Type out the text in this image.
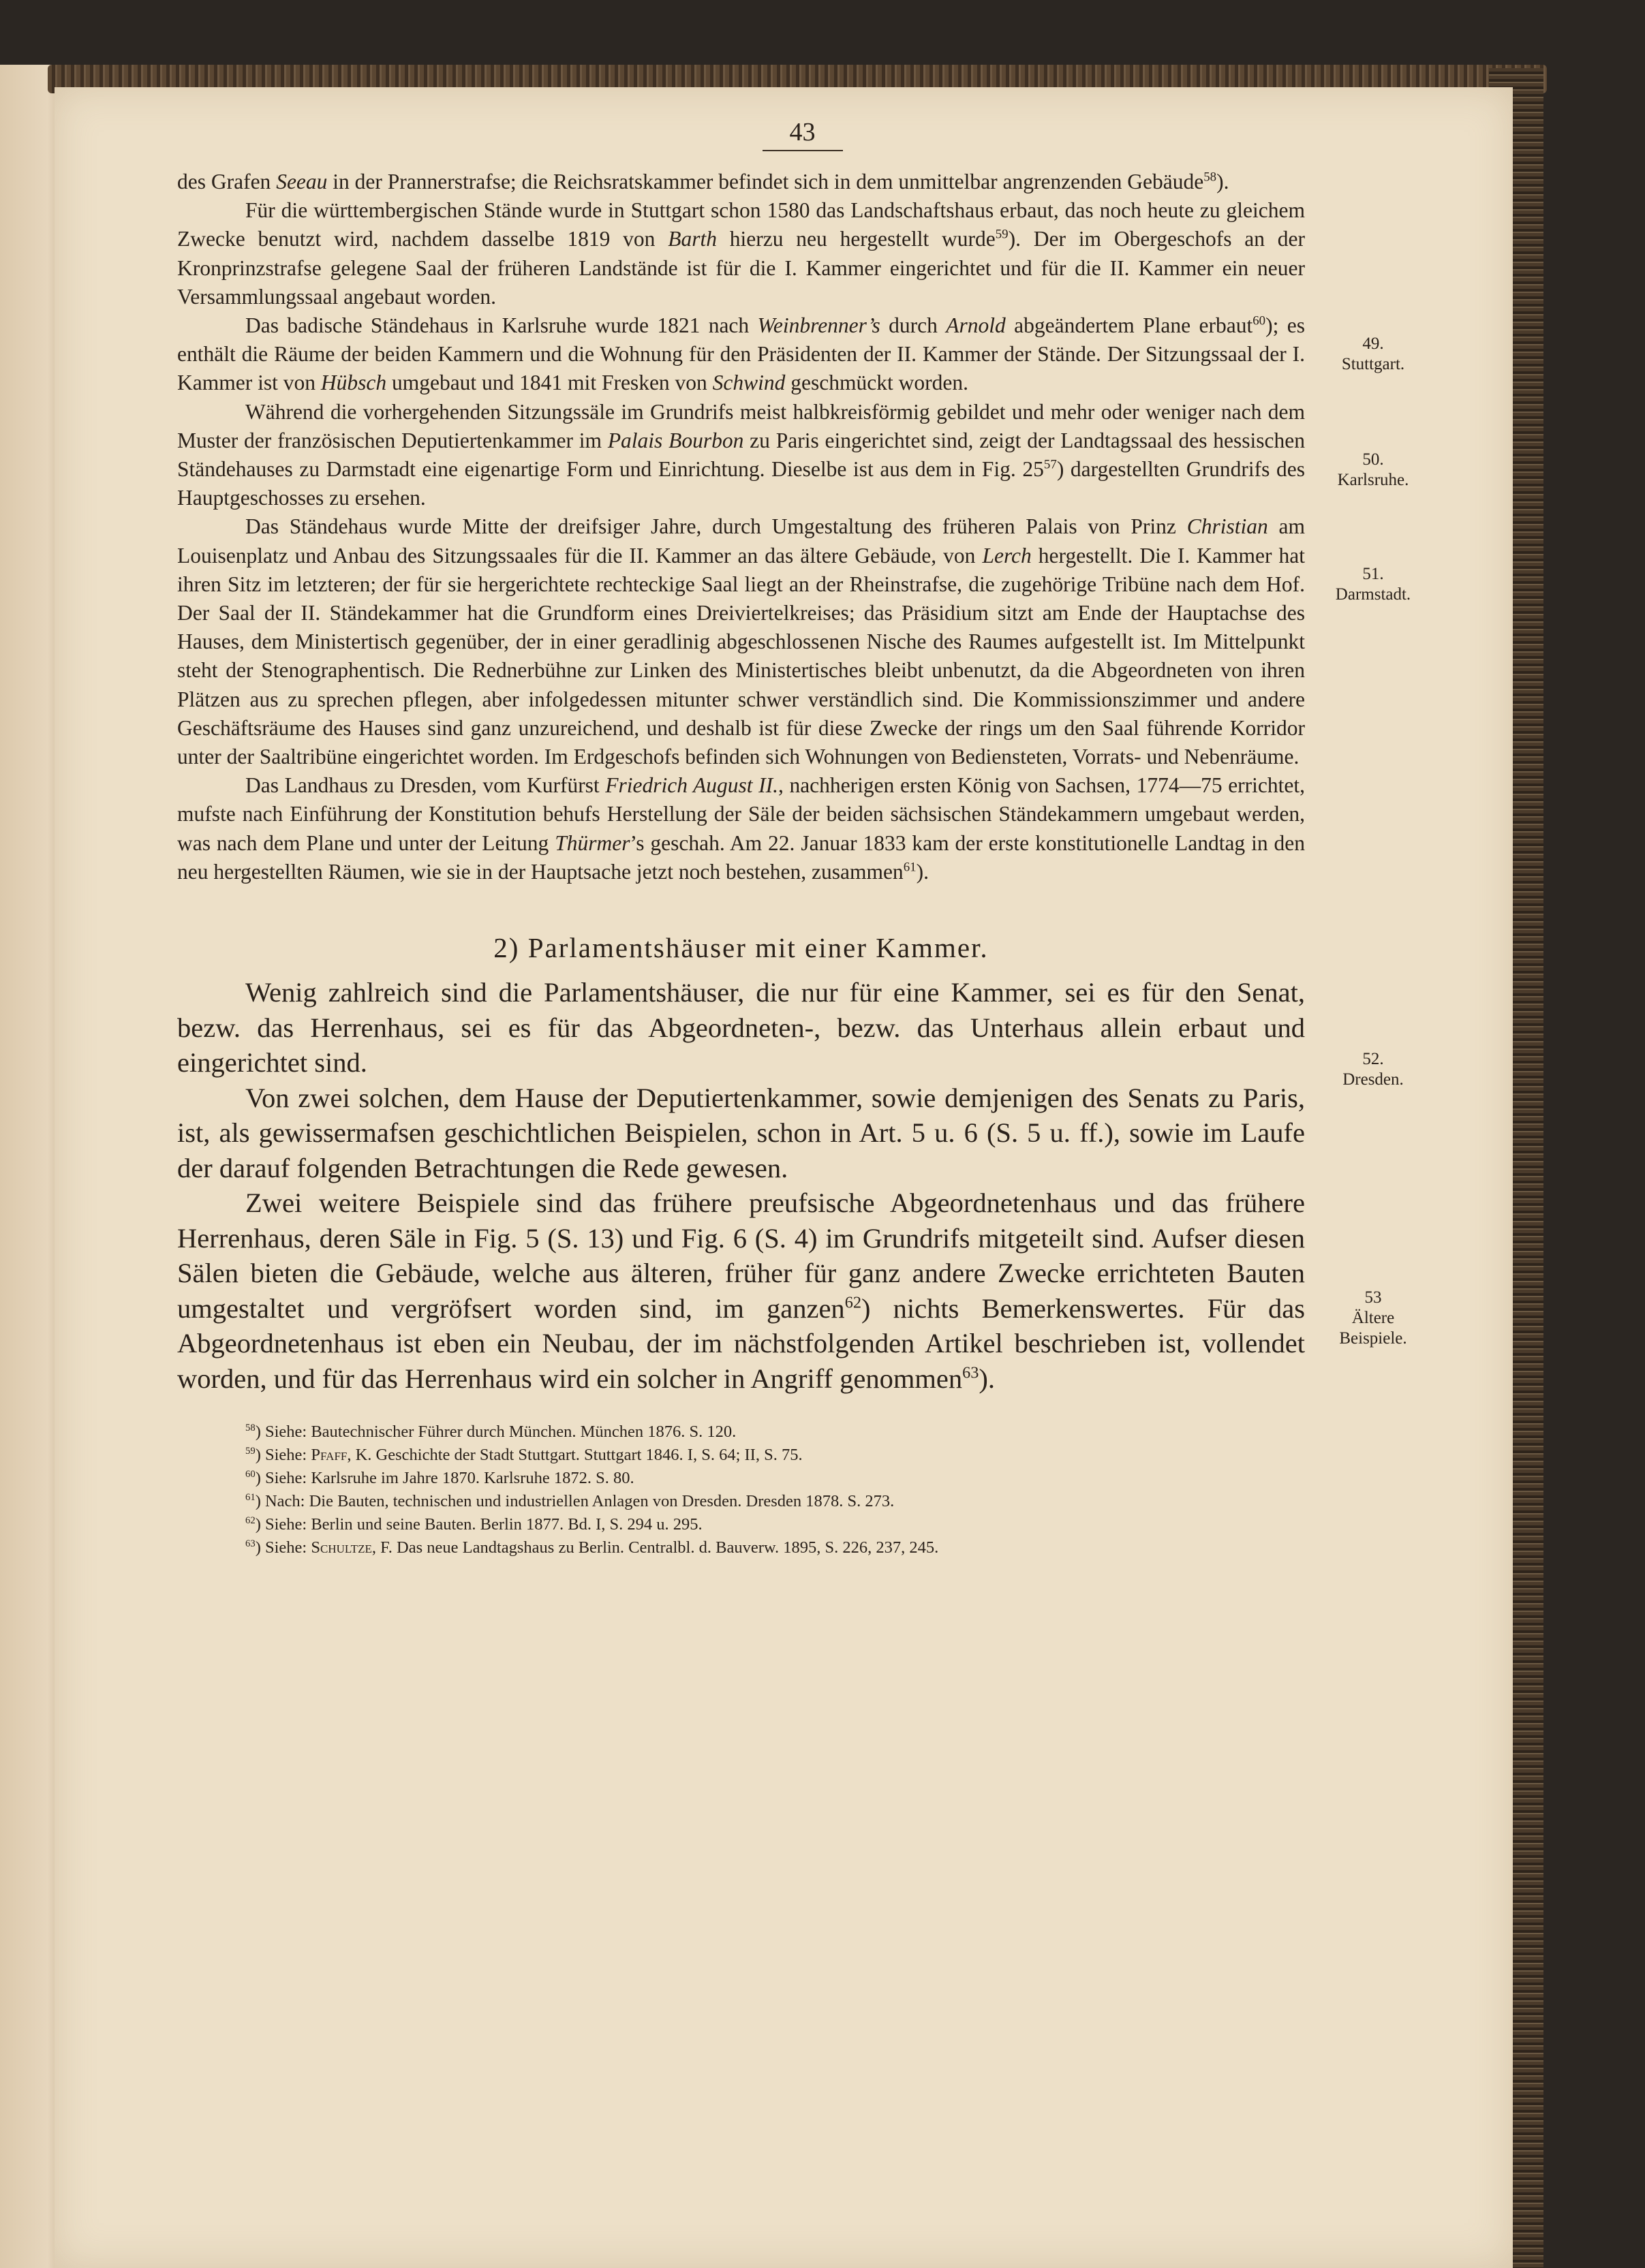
43

des Grafen Seeau in der Prannerstrafse; die Reichsratskammer befindet sich in dem unmittelbar angrenzenden Gebäude$^{58}$).

Für die württembergischen Stände wurde in Stuttgart schon 1580 das Landschaftshaus erbaut, das noch heute zu gleichem Zwecke benutzt wird, nachdem dasselbe 1819 von Barth hierzu neu hergestellt wurde$^{59}$). Der im Obergeschofs an der Kronprinzstrafse gelegene Saal der früheren Landstände ist für die I. Kammer eingerichtet und für die II. Kammer ein neuer Versammlungssaal angebaut worden.

Das badische Ständehaus in Karlsruhe wurde 1821 nach Weinbrenner’s durch Arnold abgeändertem Plane erbaut$^{60}$); es enthält die Räume der beiden Kammern und die Wohnung für den Präsidenten der II. Kammer der Stände. Der Sitzungssaal der I. Kammer ist von Hübsch umgebaut und 1841 mit Fresken von Schwind geschmückt worden.

Während die vorhergehenden Sitzungssäle im Grundrifs meist halbkreisförmig gebildet und mehr oder weniger nach dem Muster der französischen Deputiertenkammer im Palais Bourbon zu Paris eingerichtet sind, zeigt der Landtagssaal des hessischen Ständehauses zu Darmstadt eine eigenartige Form und Einrichtung. Dieselbe ist aus dem in Fig. $25^{57}$) dargestellten Grundrifs des Hauptgeschosses zu ersehen.

Das Ständehaus wurde Mitte der dreifsiger Jahre, durch Umgestaltung des früheren Palais von Prinz Christian am Louisenplatz und Anbau des Sitzungssaales für die II. Kammer an das ältere Gebäude, von Lerch hergestellt. Die I. Kammer hat ihren Sitz im letzteren; der für sie hergerichtete rechteckige Saal liegt an der Rheinstrafse, die zugehörige Tribüne nach dem Hof. Der Saal der II. Ständekammer hat die Grundform eines Dreiviertelkreises; das Präsidium sitzt am Ende der Hauptachse des Hauses, dem Ministertisch gegenüber, der in einer geradlinig abgeschlossenen Nische des Raumes aufgestellt ist. Im Mittelpunkt steht der Stenographentisch. Die Rednerbühne zur Linken des Ministertisches bleibt unbenutzt, da die Abgeordneten von ihren Plätzen aus zu sprechen pflegen, aber infolgedessen mitunter schwer verständlich sind. Die Kommissionszimmer und andere Geschäftsräume des Hauses sind ganz unzureichend, und deshalb ist für diese Zwecke der rings um den Saal führende Korridor unter der Saaltribüne eingerichtet worden. Im Erdgeschofs befinden sich Wohnungen von Bediensteten, Vorrats- und Nebenräume.

Das Landhaus zu Dresden, vom Kurfürst Friedrich August II., nachherigen ersten König von Sachsen, 1774—75 errichtet, mufste nach Einführung der Konstitution behufs Herstellung der Säle der beiden sächsischen Ständekammern umgebaut werden, was nach dem Plane und unter der Leitung Thürmer’s geschah. Am 22. Januar 1833 kam der erste konstitutionelle Landtag in den neu hergestellten Räumen, wie sie in der Hauptsache jetzt noch bestehen, zusammen$^{61}$).

2) Parlamentshäuser mit einer Kammer.

Wenig zahlreich sind die Parlamentshäuser, die nur für eine Kammer, sei es für den Senat, bezw. das Herrenhaus, sei es für das Abgeordneten-, bezw. das Unterhaus allein erbaut und eingerichtet sind.

Von zwei solchen, dem Hause der Deputiertenkammer, sowie demjenigen des Senats zu Paris, ist, als gewissermafsen geschichtlichen Beispielen, schon in Art. 5 u. 6 (S. 5 u. ff.), sowie im Laufe der darauf folgenden Betrachtungen die Rede gewesen.

Zwei weitere Beispiele sind das frühere preufsische Abgeordnetenhaus und das frühere Herrenhaus, deren Säle in Fig. 5 (S. 13) und Fig. 6 (S. 4) im Grundrifs mitgeteilt sind. Aufser diesen Sälen bieten die Gebäude, welche aus älteren, früher für ganz andere Zwecke errichteten Bauten umgestaltet und vergröfsert worden sind, im ganzen$^{62}$) nichts Bemerkenswertes. Für das Abgeordnetenhaus ist eben ein Neubau, der im nächstfolgenden Artikel beschrieben ist, vollendet worden, und für das Herrenhaus wird ein solcher in Angriff genommen$^{63}$).

$^{58}$) Siehe: Bautechnischer Führer durch München. München 1876. S. 120.
$^{59}$) Siehe: Pfaff, K. Geschichte der Stadt Stuttgart. Stuttgart 1846. I, S. 64; II, S. 75.
$^{60}$) Siehe: Karlsruhe im Jahre 1870. Karlsruhe 1872. S. 80.
$^{61}$) Nach: Die Bauten, technischen und industriellen Anlagen von Dresden. Dresden 1878. S. 273.
$^{62}$) Siehe: Berlin und seine Bauten. Berlin 1877. Bd. I, S. 294 u. 295.
$^{63}$) Siehe: Schultze, F. Das neue Landtagshaus zu Berlin. Centralbl. d. Bauverw. 1895, S. 226, 237, 245.
49.
Stuttgart.
50.
Karlsruhe.
51.
Darmstadt.
52.
Dresden.
53
Ältere
Beispiele.
